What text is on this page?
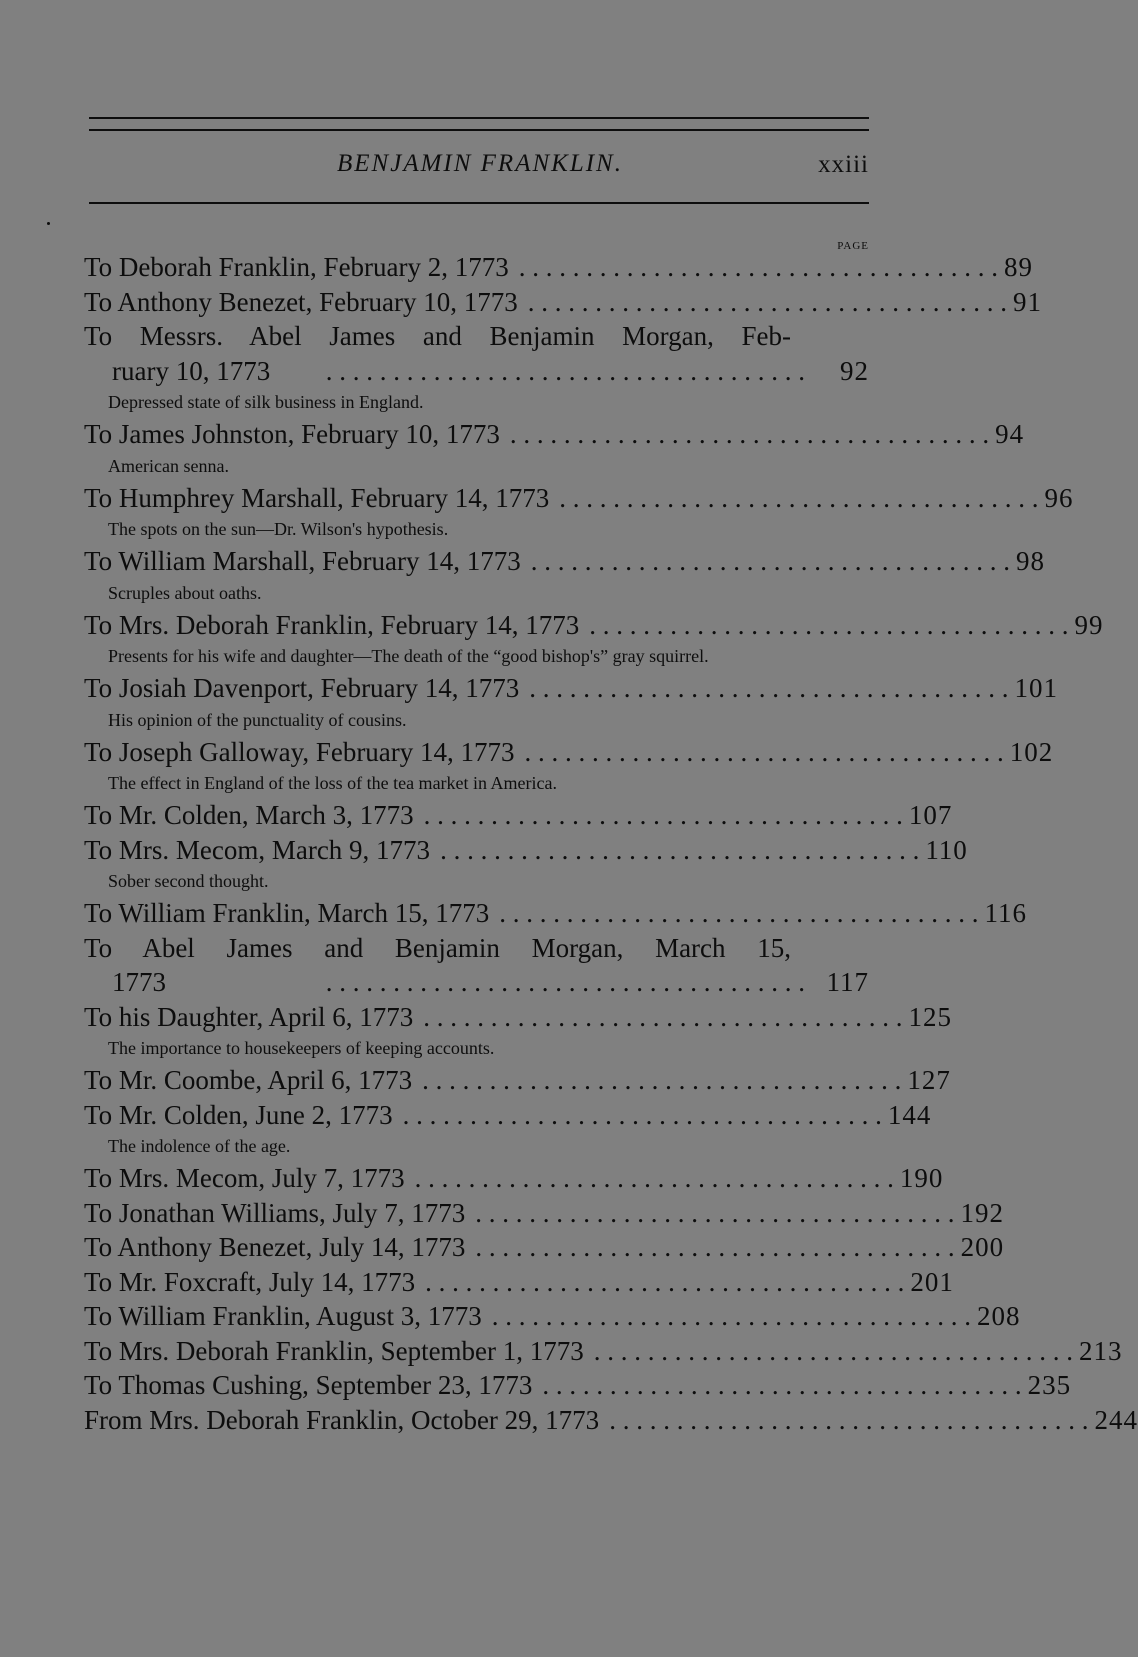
BENJAMIN FRANKLIN.	xxiii
PAGE
To Deborah Franklin, February 2, 1773 . . . . . . . . . . . . . . . . . . . . . . . . . . . . . . . . . . . . 89
To Anthony Benezet, February 10, 1773 . . . . . . . . . . . . . . . . . . . . . . . . . . . . . . . . . . . . 91
To Messrs. Abel James and Benjamin Morgan, Feb-
ruary 10, 1773	. . . . . . . . . . . . . . . . . . . . . . . . . . . . . . . . . . . .	92
Depressed state of silk business in England.
To James Johnston, February 10, 1773 . . . . . . . . . . . . . . . . . . . . . . . . . . . . . . . . . . . . 94
American senna.
To Humphrey Marshall, February 14, 1773 . . . . . . . . . . . . . . . . . . . . . . . . . . . . . . . . . . . . 96
The spots on the sun—Dr. Wilson's hypothesis.
To William Marshall, February 14, 1773 . . . . . . . . . . . . . . . . . . . . . . . . . . . . . . . . . . . . 98
Scruples about oaths.
To Mrs. Deborah Franklin, February 14, 1773 . . . . . . . . . . . . . . . . . . . . . . . . . . . . . . . . . . . . 99
Presents for his wife and daughter—The death of the “good bishop's” gray squirrel.
To Josiah Davenport, February 14, 1773 . . . . . . . . . . . . . . . . . . . . . . . . . . . . . . . . . . . . 101
His opinion of the punctuality of cousins.
To Joseph Galloway, February 14, 1773 . . . . . . . . . . . . . . . . . . . . . . . . . . . . . . . . . . . . 102
The effect in England of the loss of the tea market in America.
To Mr. Colden, March 3, 1773 . . . . . . . . . . . . . . . . . . . . . . . . . . . . . . . . . . . . 107
To Mrs. Mecom, March 9, 1773 . . . . . . . . . . . . . . . . . . . . . . . . . . . . . . . . . . . . 110
Sober second thought.
To William Franklin, March 15, 1773 . . . . . . . . . . . . . . . . . . . . . . . . . . . . . . . . . . . . 116
To Abel James and Benjamin Morgan, March 15,
1773	. . . . . . . . . . . . . . . . . . . . . . . . . . . . . . . . . . . . 117
To his Daughter, April 6, 1773 . . . . . . . . . . . . . . . . . . . . . . . . . . . . . . . . . . . . 125
The importance to housekeepers of keeping accounts.
To Mr. Coombe, April 6, 1773 . . . . . . . . . . . . . . . . . . . . . . . . . . . . . . . . . . . . 127
To Mr. Colden, June 2, 1773 . . . . . . . . . . . . . . . . . . . . . . . . . . . . . . . . . . . . 144
The indolence of the age.
To Mrs. Mecom, July 7, 1773 . . . . . . . . . . . . . . . . . . . . . . . . . . . . . . . . . . . . 190
To Jonathan Williams, July 7, 1773 . . . . . . . . . . . . . . . . . . . . . . . . . . . . . . . . . . . . 192
To Anthony Benezet, July 14, 1773 . . . . . . . . . . . . . . . . . . . . . . . . . . . . . . . . . . . . 200
To Mr. Foxcraft, July 14, 1773 . . . . . . . . . . . . . . . . . . . . . . . . . . . . . . . . . . . . 201
To William Franklin, August 3, 1773 . . . . . . . . . . . . . . . . . . . . . . . . . . . . . . . . . . . . 208
To Mrs. Deborah Franklin, September 1, 1773 . . . . . . . . . . . . . . . . . . . . . . . . . . . . . . . . . . . . 213
To Thomas Cushing, September 23, 1773 . . . . . . . . . . . . . . . . . . . . . . . . . . . . . . . . . . . . 235
From Mrs. Deborah Franklin, October 29, 1773 . . . . . . . . . . . . . . . . . . . . . . . . . . . . . . . . . . . . 244
